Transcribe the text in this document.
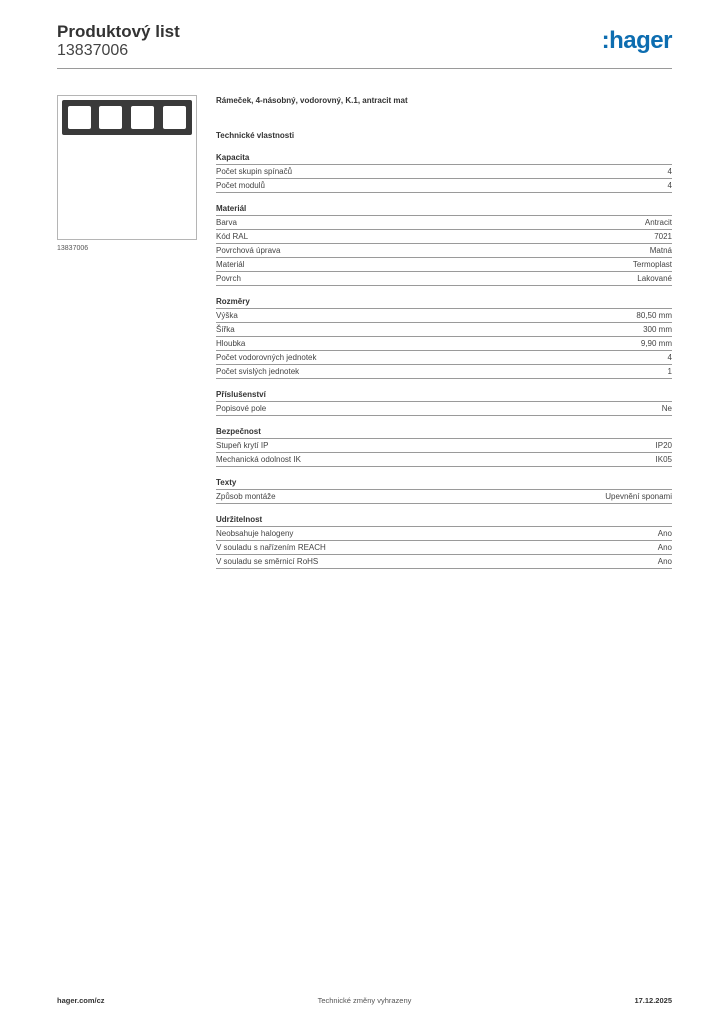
Produktový list
13837006	:hager
13837006
Rámeček, 4-násobný, vodorovný, K.1, antracit mat
Technické vlastnosti
Kapacita
Počet skupin spínačů	4
Počet modulů	4
Materiál
Barva	Antracit
Kód RAL	7021
Povrchová úprava	Matná
Materiál	Termoplast
Povrch	Lakované
Rozměry
Výška	80,50 mm
Šířka	300 mm
Hloubka	9,90 mm
Počet vodorovných jednotek	4
Počet svislých jednotek	1
Příslušenství
Popisové pole	Ne
Bezpečnost
Stupeň krytí IP	IP20
Mechanická odolnost IK	IK05
Texty
Způsob montáže	Upevnění sponami
Udržitelnost
Neobsahuje halogeny	Ano
V souladu s nařízením REACH	Ano
V souladu se směrnicí RoHS	Ano
hager.com/cz	Technické změny vyhrazeny	17.12.2025
